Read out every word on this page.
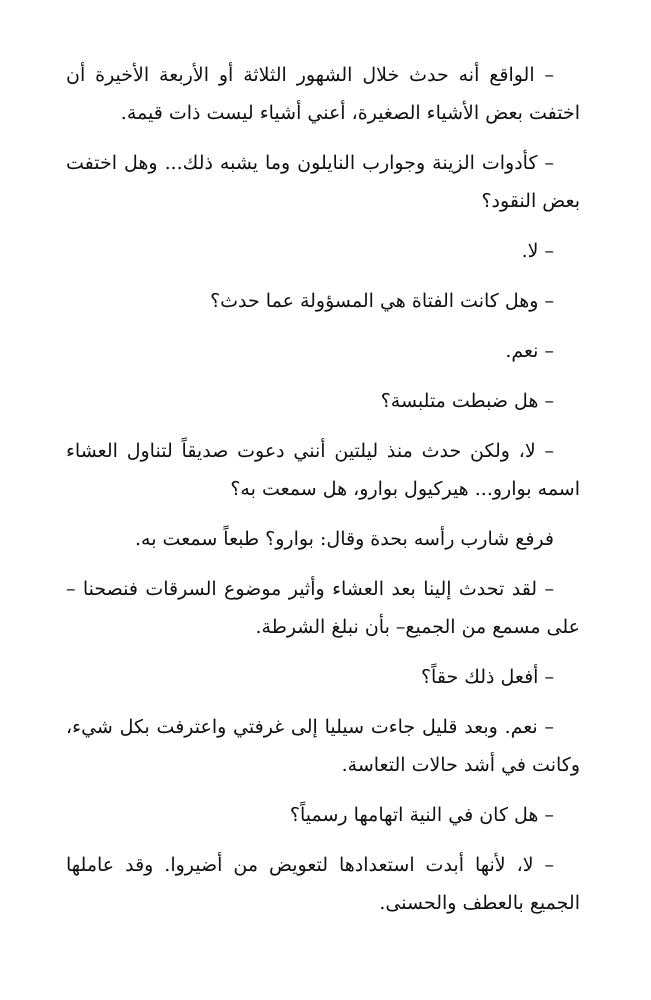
– الواقع أنه حدث خلال الشهور الثلاثة أو الأربعة الأخيرة أن اختفت بعض الأشياء الصغيرة، أعني أشياء ليست ذات قيمة.

– كأدوات الزينة وجوارب النايلون وما يشبه ذلك... وهل اختفت بعض النقود؟

– لا.

– وهل كانت الفتاة هي المسؤولة عما حدث؟

– نعم.

– هل ضبطت متلبسة؟

– لا، ولكن حدث منذ ليلتين أنني دعوت صديقاً لتناول العشاء اسمه بوارو... هيركيول بوارو، هل سمعت به؟

فرفع شارب رأسه بحدة وقال: بوارو؟ طبعاً سمعت به.

– لقد تحدث إلينا بعد العشاء وأثير موضوع السرقات فنصحنا –على مسمع من الجميع– بأن نبلغ الشرطة.

– أفعل ذلك حقاً؟

– نعم. وبعد قليل جاءت سيليا إلى غرفتي واعترفت بكل شيء، وكانت في أشد حالات التعاسة.

– هل كان في النية اتهامها رسمياً؟

– لا، لأنها أبدت استعدادها لتعويض من أضيروا. وقد عاملها الجميع بالعطف والحسنى.
